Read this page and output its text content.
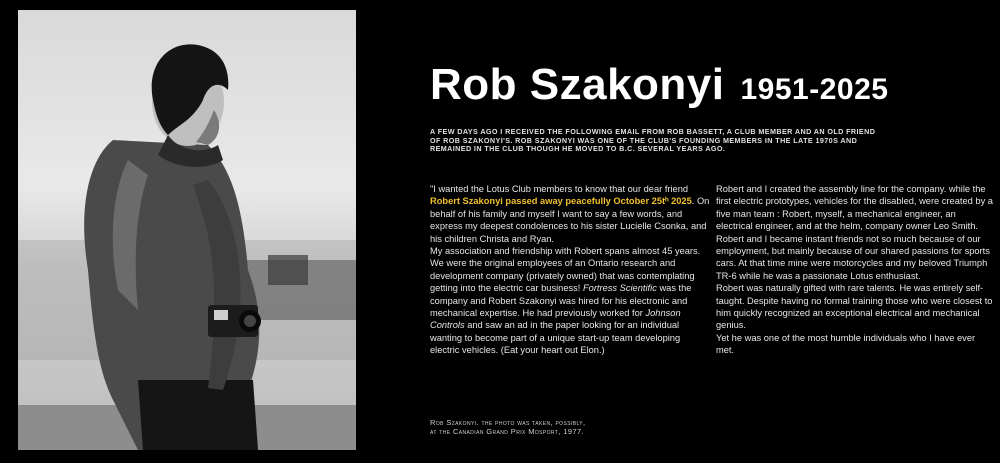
Rob Szakonyi 1951-2025
A FEW DAYS AGO I RECEIVED THE FOLLOWING EMAIL FROM ROB BASSETT, A CLUB MEMBER AND AN OLD FRIEND OF ROB SZAKONYI'S. ROB SZAKONYI WAS ONE OF THE CLUB'S FOUNDING MEMBERS IN THE LATE 1970S AND REMAINED IN THE CLUB THOUGH HE MOVED TO B.C. SEVERAL YEARS AGO.

"I wanted the Lotus Club members to know that our dear friend Robert Szakonyi passed away peacefully October 25tʰ 2025. On behalf of his family and myself I want to say a few words, and express my deepest condolences to his sister Lucielle Csonka, and his children Christa and Ryan.

My association and friendship with Robert spans almost 45 years. We were the original employees of an Ontario research and development company (privately owned) that was contemplating getting into the electric car business! Fortress Scientific was the company and Robert Szakonyi was hired for his electronic and mechanical expertise. He had previously worked for Johnson Controls and saw an ad in the paper looking for an individual wanting to become part of a unique start-up team developing electric vehicles. (Eat your heart out Elon.)

Robert and I created the assembly line for the company. while the first electric prototypes, vehicles for the disabled, were created by a five man team : Robert, myself, a mechanical engineer, an electrical engineer, and at the helm, company owner Leo Smith.

Robert and I became instant friends not so much because of our employment, but mainly because of our shared passions for sports cars. At that time mine were motorcycles and my beloved Triumph TR-6 while he was a passionate Lotus enthusiast.

Robert was naturally gifted with rare talents. He was entirely self-taught. Despite having no formal training those who were closest to him quickly recognized an exceptional electrical and mechanical genius.

Yet he was one of the most humble individuals who I have ever met.

Rob Szakonyi. the photo was taken, possibly,
at the Canadian Grand Prix Mosport, 1977.
